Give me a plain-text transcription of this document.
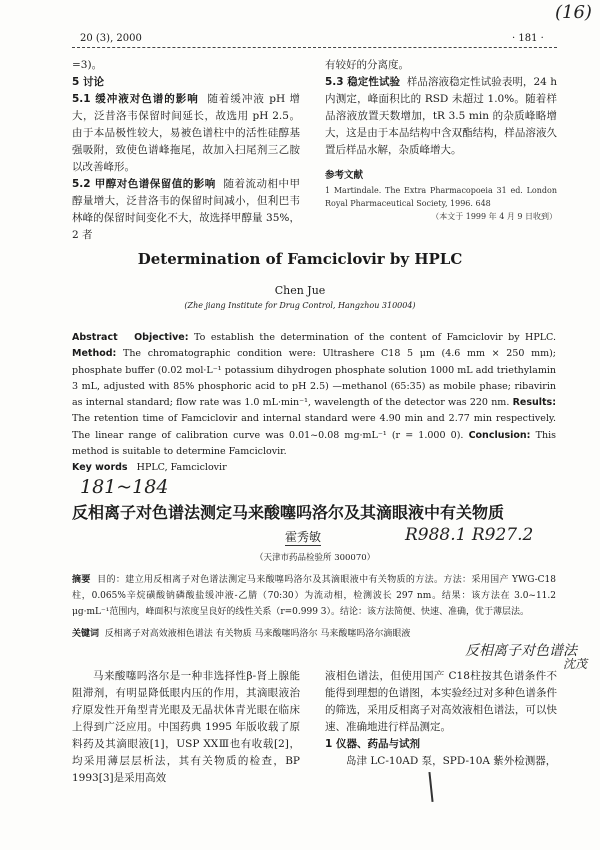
20 (3), 2000	· 181 ·
(16)

=3)。

5 讨论

5.1 缓冲液对色谱的影响 随着缓冲液 pH 增大，泛昔洛韦保留时间延长，故选用 pH 2.5。由于本品极性较大，易被色谱柱中的活性硅醇基强吸附，致使色谱峰拖尾，故加入扫尾剂三乙胺以改善峰形。

5.2 甲醇对色谱保留值的影响 随着流动相中甲醇量增大，泛昔洛韦的保留时间减小，但利巴韦林峰的保留时间变化不大，故选择甲醇量 35%，2 者

有较好的分离度。

5.3 稳定性试验 样品溶液稳定性试验表明，24 h 内测定，峰面积比的 RSD 未超过 1.0%。随着样品溶液放置天数增加，tR 3.5 min 的杂质峰略增大，这是由于本品结构中含双酯结构，样品溶液久置后样品水解，杂质峰增大。

参考文献

1 Martindale. The Extra Pharmacopoeia 31 ed. London Royal Pharmaceutical Society, 1996. 648

（本文于 1999 年 4 月 9 日收到）

Determination of Famciclovir by HPLC
Chen Jue
(Zhe jiang Institute for Drug Control, Hangzhou 310004)

Abstract Objective: To establish the determination of the content of Famciclovir by HPLC. Method: The chromatographic condition were: Ultrashere C18 5 μm (4.6 mm × 250 mm); phosphate buffer (0.02 mol·L⁻¹ potassium dihydrogen phosphate solution 1000 mL add triethylamin 3 mL, adjusted with 85% phosphoric acid to pH 2.5) —methanol (65:35) as mobile phase; ribavirin as internal standard; flow rate was 1.0 mL·min⁻¹, wavelength of the detector was 220 nm. Results: The retention time of Famciclovir and internal standard were 4.90 min and 2.77 min respectively. The linear range of calibration curve was 0.01~0.08 mg·mL⁻¹ (r = 1.000 0). Conclusion: This method is suitable to determine Famciclovir.

Key words HPLC, Famciclovir

181~184
反相离子对色谱法测定马来酸噻吗洛尔及其滴眼液中有关物质
霍秀敏	R988.1 R927.2
（天津市药品检验所 300070）

摘要 目的：建立用反相离子对色谱法测定马来酸噻吗洛尔及其滴眼液中有关物质的方法。方法：采用国产 YWG-C18柱，0.065%辛烷磺酸钠磷酸盐缓冲液-乙腈（70:30）为流动相，检测波长 297 nm。结果：该方法在 3.0~11.2 μg·mL⁻¹范围内，峰面积与浓度呈良好的线性关系（r=0.999 3）。结论：该方法简便、快速、准确，优于薄层法。

关键词 反相离子对高效液相色谱法 有关物质 马来酸噻吗洛尔 马来酸噻吗洛尔滴眼液

反相离子对色谱法
沈茂

马来酸噻吗洛尔是一种非选择性β-肾上腺能阻滞剂，有明显降低眼内压的作用，其滴眼液治疗原发性开角型青光眼及无晶状体青光眼在临床上得到广泛应用。中国药典 1995 年版收载了原料药及其滴眼液[1]，USP XXⅢ也有收载[2]，均采用薄层层析法，其有关物质的检查，BP 1993[3]是采用高效

液相色谱法，但使用国产 C18柱按其色谱条件不能得到理想的色谱图，本实验经过对多种色谱条件的筛选，采用反相离子对高效液相色谱法，可以快速、准确地进行样品测定。

1 仪器、药品与试剂

岛津 LC-10AD 泵，SPD-10A 紫外检测器，
